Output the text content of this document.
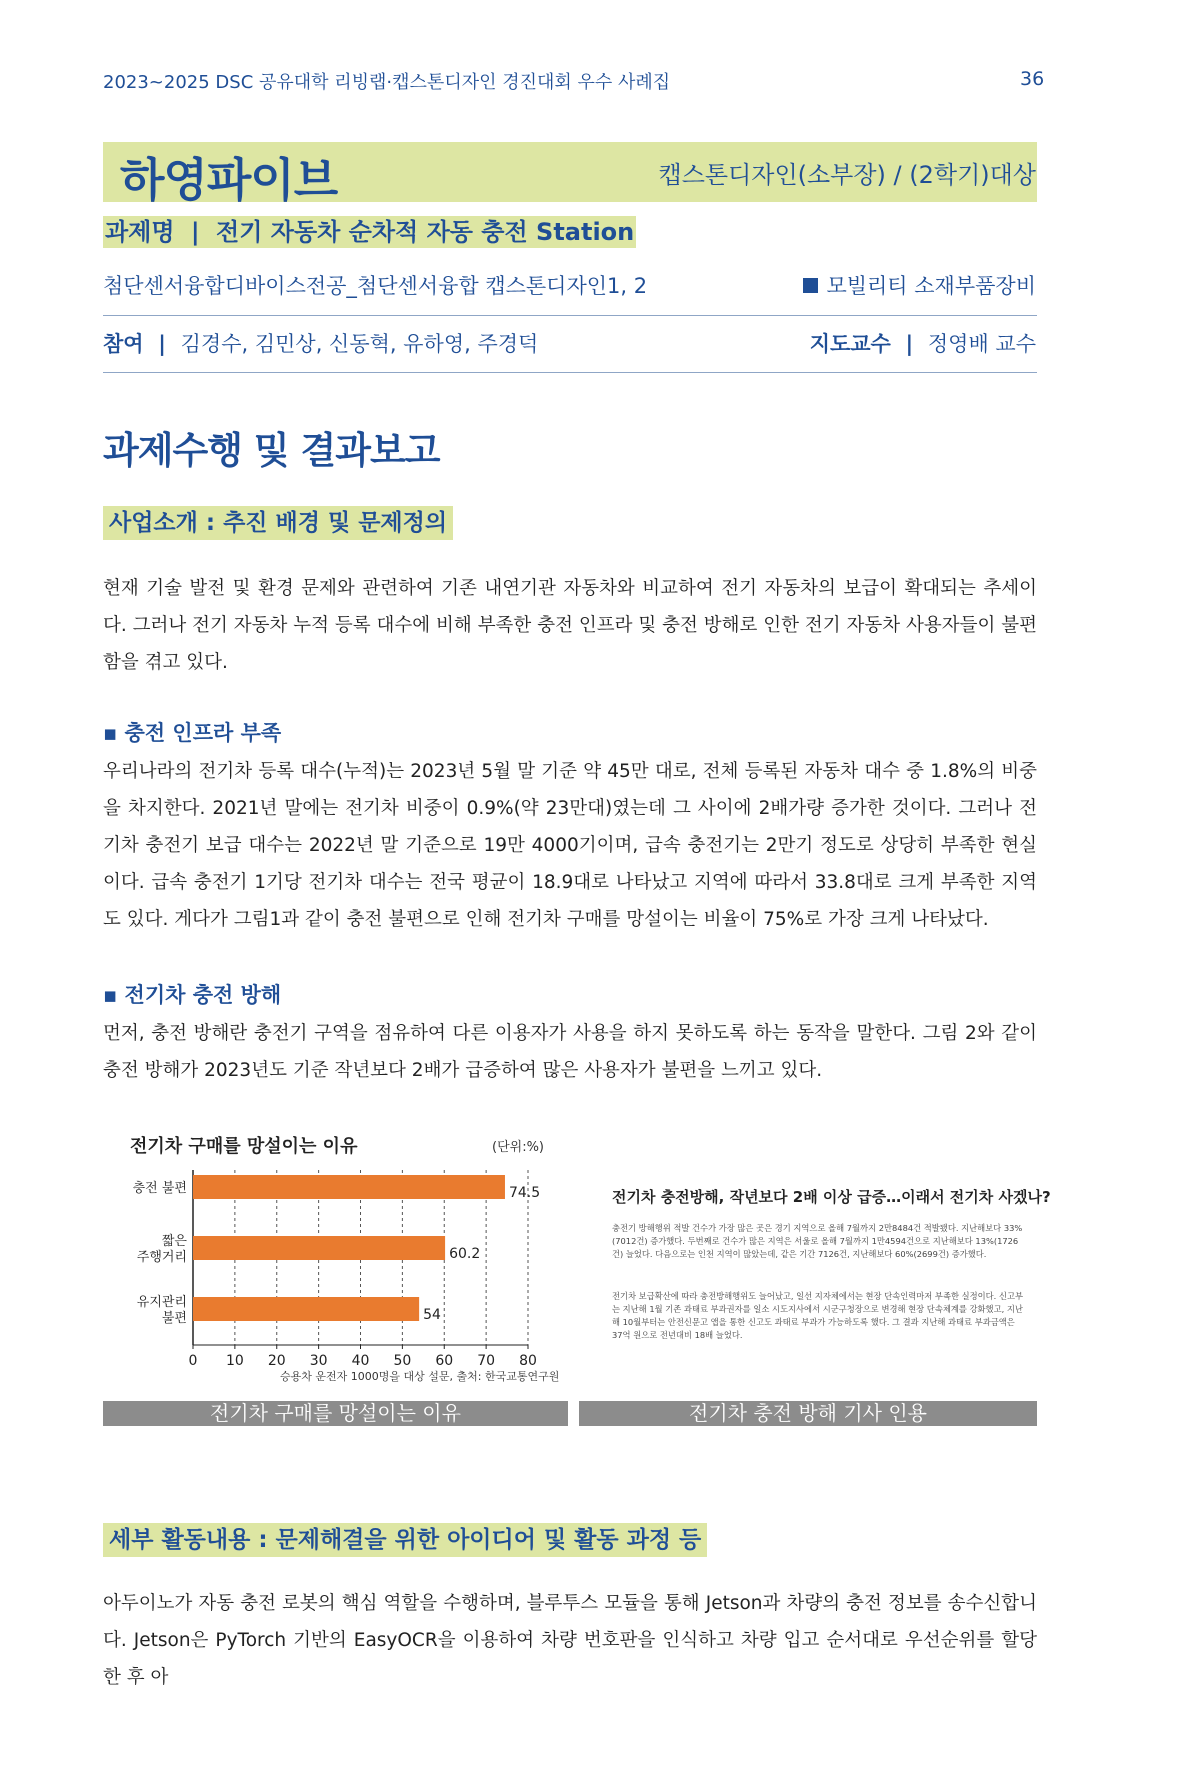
2023~2025 DSC 공유대학 리빙랩·캡스톤디자인 경진대회 우수 사례집	36
하영파이브	캡스톤디자인(소부장) / (2학기)대상
과제명 | 전기 자동차 순차적 자동 충전 Station
첨단센서융합디바이스전공_첨단센서융합 캡스톤디자인1, 2	모빌리티 소재부품장비
참여 | 김경수, 김민상, 신동혁, 유하영, 주경덕	지도교수 | 정영배 교수
과제수행 및 결과보고
사업소개 : 추진 배경 및 문제정의
현재 기술 발전 및 환경 문제와 관련하여 기존 내연기관 자동차와 비교하여 전기 자동차의 보급이 확대되는 추세이다. 그러나 전기 자동차 누적 등록 대수에 비해 부족한 충전 인프라 및 충전 방해로 인한 전기 자동차 사용자들이 불편함을 겪고 있다.
▪ 충전 인프라 부족
우리나라의 전기차 등록 대수(누적)는 2023년 5월 말 기준 약 45만 대로, 전체 등록된 자동차 대수 중 1.8%의 비중을 차지한다. 2021년 말에는 전기차 비중이 0.9%(약 23만대)였는데 그 사이에 2배가량 증가한 것이다. 그러나 전기차 충전기 보급 대수는 2022년 말 기준으로 19만 4000기이며, 급속 충전기는 2만기 정도로 상당히 부족한 현실이다. 급속 충전기 1기당 전기차 대수는 전국 평균이 18.9대로 나타났고 지역에 따라서 33.8대로 크게 부족한 지역도 있다. 게다가 그림1과 같이 충전 불편으로 인해 전기차 구매를 망설이는 비율이 75%로 가장 크게 나타났다.
▪ 전기차 충전 방해
먼저, 충전 방해란 충전기 구역을 점유하여 다른 이용자가 사용을 하지 못하도록 하는 동작을 말한다. 그림 2와 같이 충전 방해가 2023년도 기준 작년보다 2배가 급증하여 많은 사용자가 불편을 느끼고 있다.
전기차 구매를 망설이는 이유	(단위:%)
0 10 20 30 40 50 60 70 80
74.5
충전 불편
60.2
짧은 주행거리
54
유지관리 불편
승용차 운전자 1000명을 대상 설문, 출처: 한국교통연구원
전기차 구매를 망설이는 이유
전기차 충전방해, 작년보다 2배 이상 급증…이래서 전기차 사겠나?
충전기 방해행위 적발 건수가 가장 많은 곳은 경기 지역으로 올해 7월까지 2만8484건 적발됐다. 지난해보다 33%(7012건) 증가했다. 두번째로 건수가 많은 지역은 서울로 올해 7월까지 1만4594건으로 지난해보다 13%(1726건) 늘었다. 다음으로는 인천 지역이 많았는데, 같은 기간 7126건, 지난해보다 60%(2699건) 증가했다.
전기차 보급확산에 따라 충전방해행위도 늘어났고, 일선 지자체에서는 현장 단속인력마저 부족한 실정이다. 신고부는 지난해 1월 기존 과태료 부과권자를 일소 시도지사에서 시군구청장으로 변경해 현장 단속체계를 강화했고, 지난해 10월부터는 안전신문고 앱을 통한 신고도 과태료 부과가 가능하도록 했다. 그 결과 지난해 과태료 부과금액은 37억 원으로 전년대비 18배 늘었다.
전기차 충전 방해 기사 인용
세부 활동내용 : 문제해결을 위한 아이디어 및 활동 과정 등
아두이노가 자동 충전 로봇의 핵심 역할을 수행하며, 블루투스 모듈을 통해 Jetson과 차량의 충전 정보를 송수신합니다. Jetson은 PyTorch 기반의 EasyOCR을 이용하여 차량 번호판을 인식하고 차량 입고 순서대로 우선순위를 할당한 후 아
